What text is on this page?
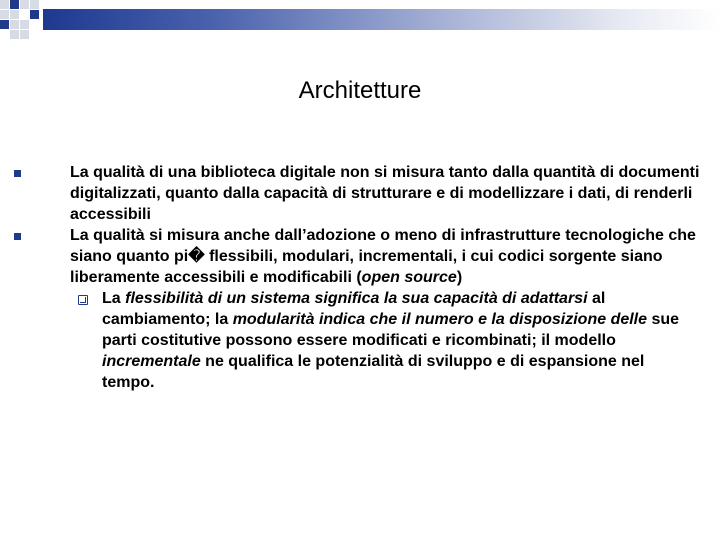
Architetture
La qualità di una biblioteca digitale non si misura tanto dalla quantità di documenti digitalizzati, quanto dalla capacità di strutturare e di modellizzare i dati, di renderli accessibili
La qualità si misura anche dall’adozione o meno di infrastrutture tecnologiche che siano quanto pi� flessibili, modulari, incrementali, i cui codici sorgente siano liberamente accessibili e modificabili (open source)
La flessibilità di un sistema significa la sua capacità di adattarsi al cambiamento; la modularità indica che il numero e la disposizione delle sue parti costitutive possono essere modificati e ricombinati; il modello incrementale ne qualifica le potenzialità di sviluppo e di espansione nel tempo.
